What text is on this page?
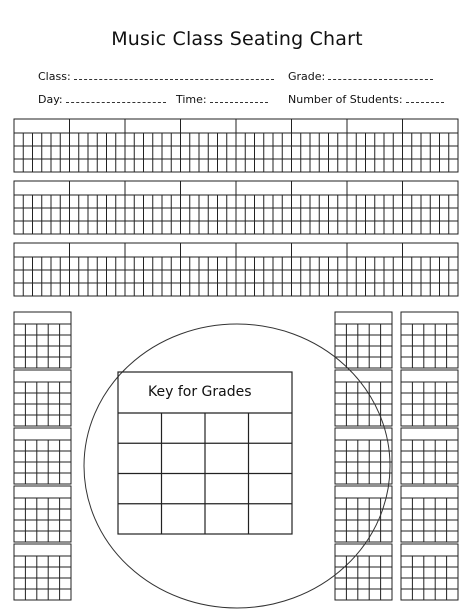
Music Class Seating Chart
Class:	Grade:
Day:	Time:	Number of Students:
Key for Grades
